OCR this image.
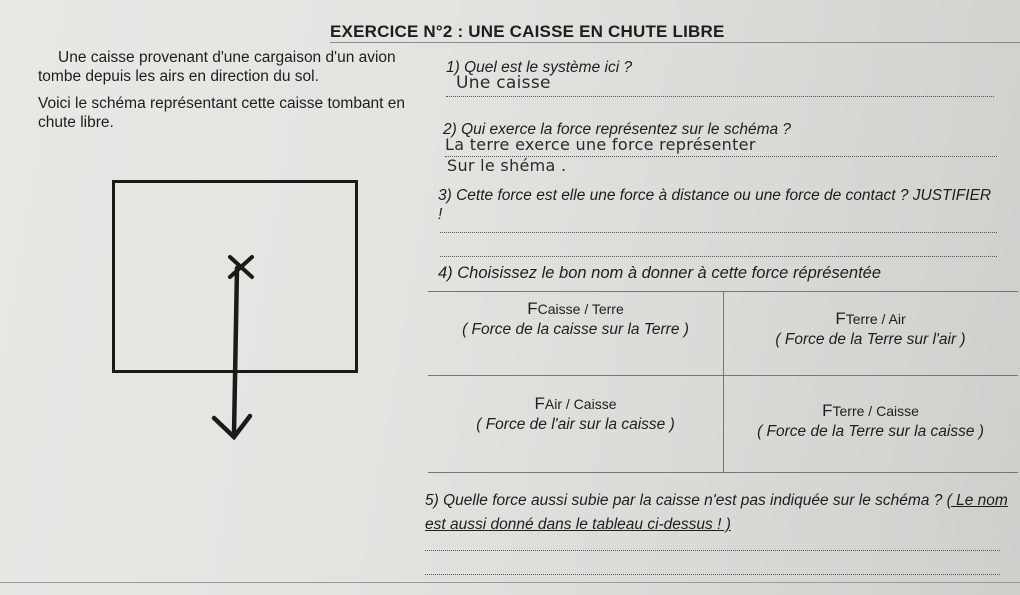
EXERCICE N°2 : UNE CAISSE EN CHUTE LIBRE

Une caisse provenant d'une cargaison d'un avion tombe depuis les airs en direction du sol.

Voici le schéma représentant cette caisse tombant en chute libre.

1) Quel est le système ici ?
Une caisse
2) Qui exerce la force représentez sur le schéma ?
La terre exerce une force représenter
Sur le shéma .
3) Cette force est elle une force à distance ou une force de contact ? JUSTIFIER !
4) Choisissez le bon nom à donner à cette force réprésentée
FCaisse / Terre
( Force de la caisse sur la Terre )
FTerre / Air
( Force de la Terre sur l'air )
FAir / Caisse
( Force de l'air sur la caisse )
FTerre / Caisse
( Force de la Terre sur la caisse )
5) Quelle force aussi subie par la caisse n'est pas indiquée sur le schéma ? ( Le nom est aussi donné dans le tableau ci-dessus ! )
